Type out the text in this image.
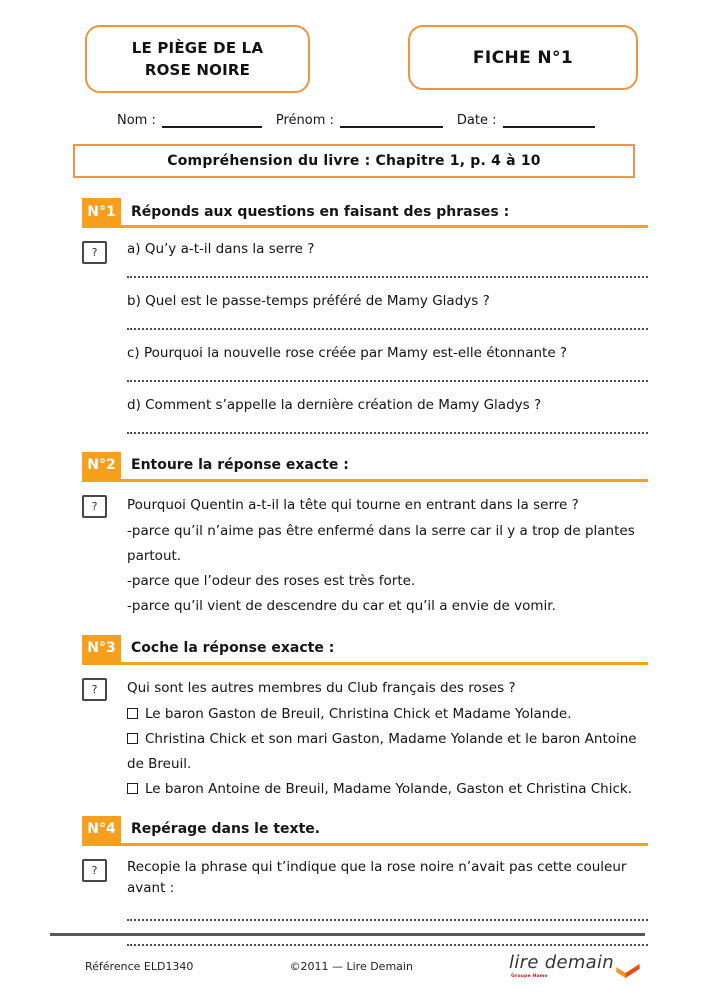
LE PIÈGE DE LA
ROSE NOIRE
FICHE N°1
Nom :	Prénom :	Date :
Compréhension du livre : Chapitre 1, p. 4 à 10
N°1	Réponds aux questions en faisant des phrases :
?	a) Qu’y a-t-il dans la serre ?
b) Quel est le passe-temps préféré de Mamy Gladys ?
c) Pourquoi la nouvelle rose créée par Mamy est-elle étonnante ?
d) Comment s’appelle la dernière création de Mamy Gladys ?
N°2	Entoure la réponse exacte :
?	Pourquoi Quentin a-t-il la tête qui tourne en entrant dans la serre ?
-parce qu’il n’aime pas être enfermé dans la serre car il y a trop de plantes partout.
-parce que l’odeur des roses est très forte.
-parce qu’il vient de descendre du car et qu’il a envie de vomir.
N°3	Coche la réponse exacte :
?	Qui sont les autres membres du Club français des roses ?
Le baron Gaston de Breuil, Christina Chick et Madame Yolande.
Christina Chick et son mari Gaston, Madame Yolande et le baron Antoine de Breuil.
Le baron Antoine de Breuil, Madame Yolande, Gaston et Christina Chick.
N°4	Repérage dans le texte.
?	Recopie la phrase qui t’indique que la rose noire n’avait pas cette couleur avant :
Référence ELD1340	©2011 — Lire Demain	lire demain
Groupe Hamo
